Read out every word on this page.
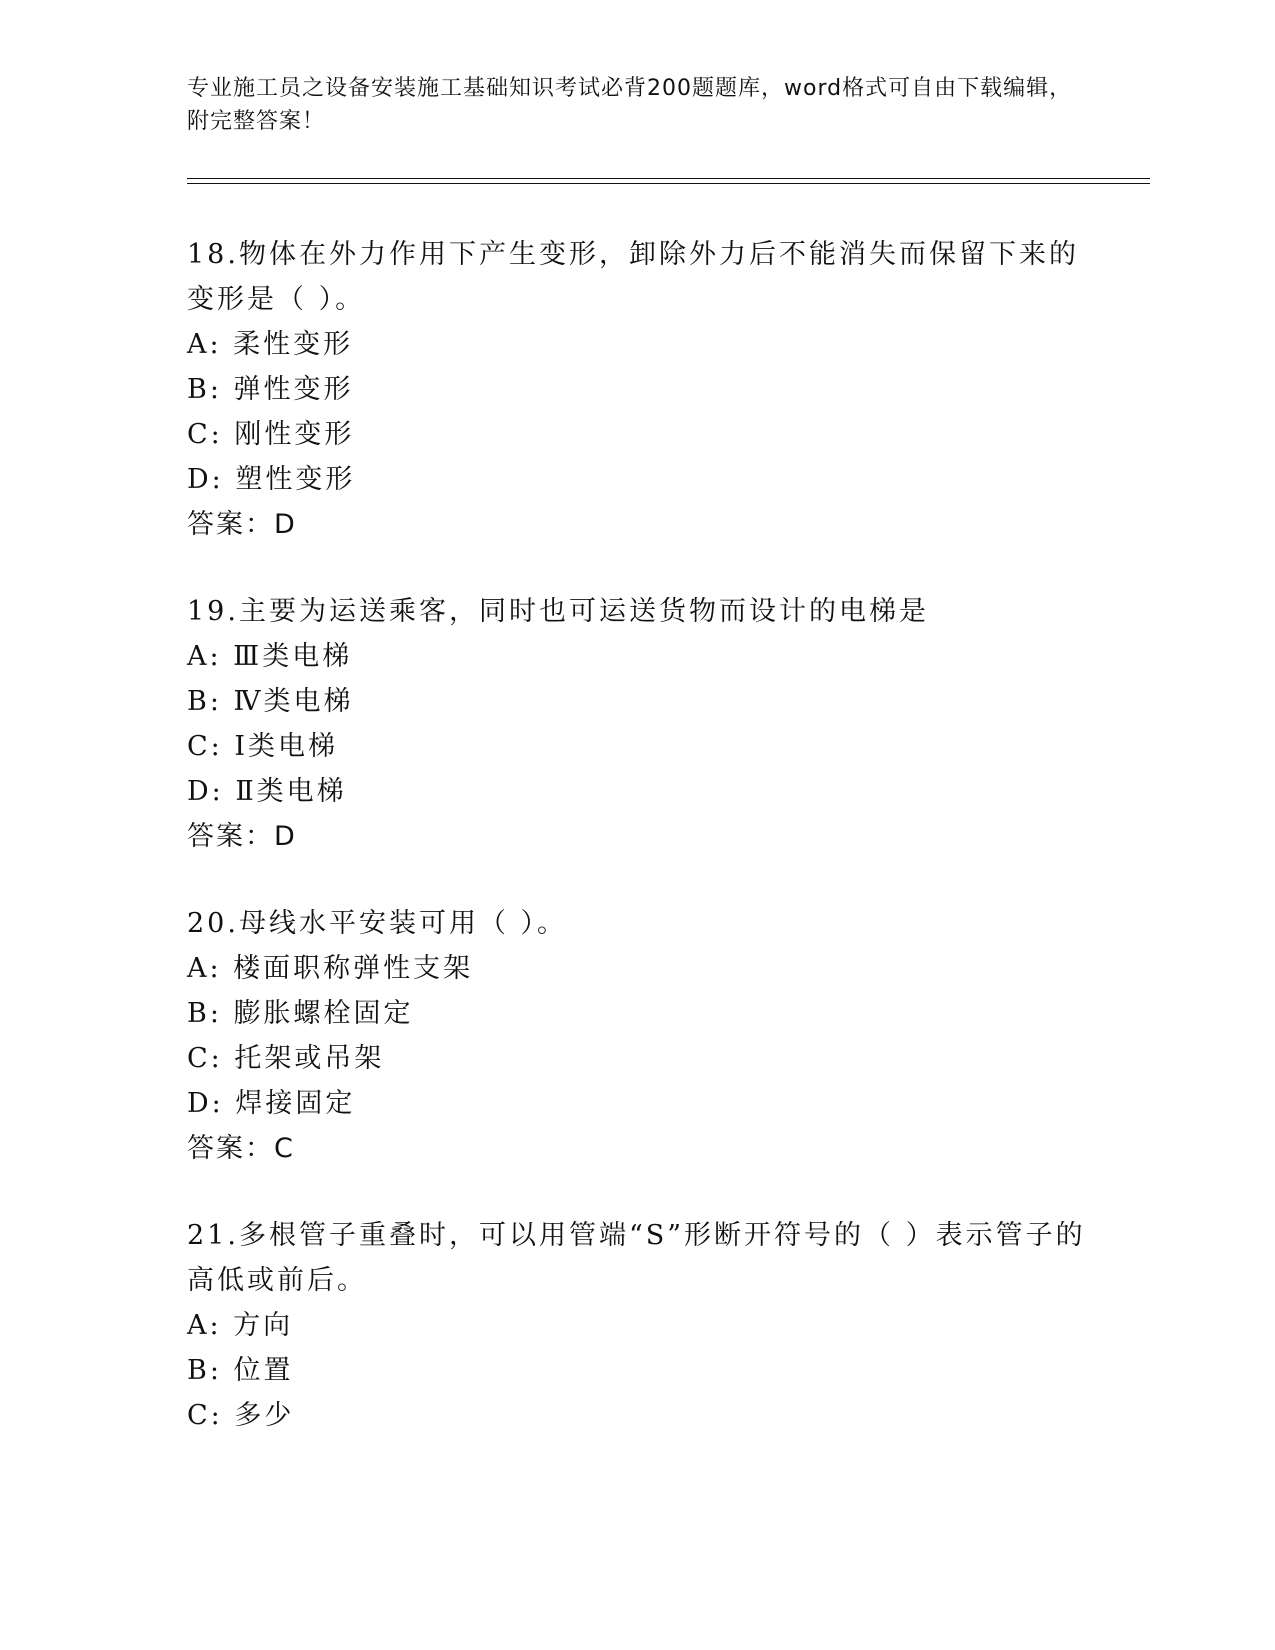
专业施工员之设备安装施工基础知识考试必背200题题库，word格式可自由下载编辑，附完整答案！

18.物体在外力作用下产生变形，卸除外力后不能消失而保留下来的变形是（ ）。

A: 柔性变形
B: 弹性变形
C: 刚性变形
D: 塑性变形
答案：D

19.主要为运送乘客，同时也可运送货物而设计的电梯是

A: Ⅲ类电梯
B: Ⅳ类电梯
C: Ⅰ类电梯
D: Ⅱ类电梯
答案：D

20.母线水平安装可用（ ）。

A: 楼面职称弹性支架
B: 膨胀螺栓固定
C: 托架或吊架
D: 焊接固定
答案：C

21.多根管子重叠时，可以用管端“S”形断开符号的（ ）表示管子的高低或前后。

A: 方向
B: 位置
C: 多少
